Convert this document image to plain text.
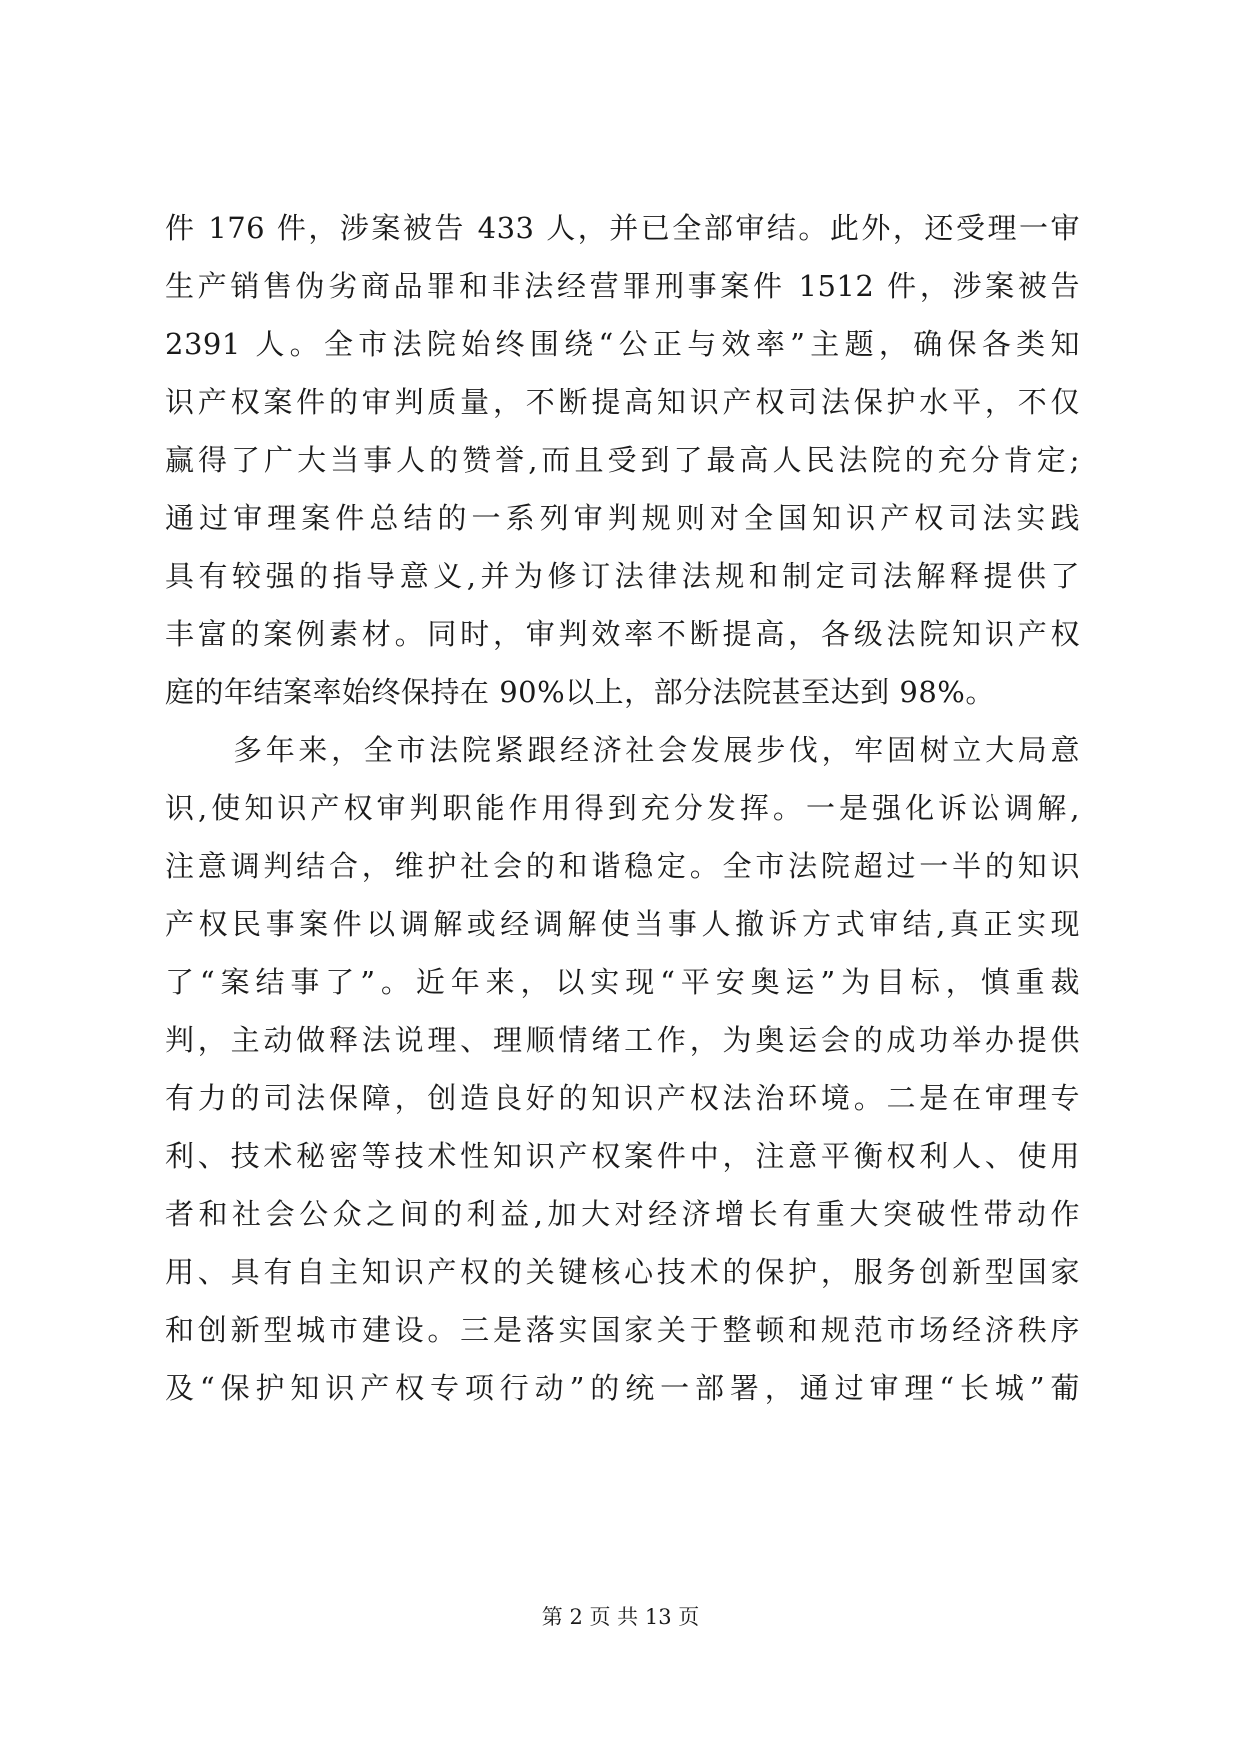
件 176 件，涉案被告 433 人，并已全部审结。此外，还受理一审
生产销售伪劣商品罪和非法经营罪刑事案件 1512 件，涉案被告
2391 人。全市法院始终围绕“公正与效率”主题，确保各类知
识产权案件的审判质量，不断提高知识产权司法保护水平，不仅
赢得了广大当事人的赞誉,而且受到了最高人民法院的充分肯定;
通过审理案件总结的一系列审判规则对全国知识产权司法实践
具有较强的指导意义,并为修订法律法规和制定司法解释提供了
丰富的案例素材。同时，审判效率不断提高，各级法院知识产权
庭的年结案率始终保持在 90%以上，部分法院甚至达到 98%。
多年来，全市法院紧跟经济社会发展步伐，牢固树立大局意
识,使知识产权审判职能作用得到充分发挥。一是强化诉讼调解,
注意调判结合，维护社会的和谐稳定。全市法院超过一半的知识
产权民事案件以调解或经调解使当事人撤诉方式审结,真正实现
了“案结事了”。近年来，以实现“平安奥运”为目标，慎重裁
判，主动做释法说理、理顺情绪工作，为奥运会的成功举办提供
有力的司法保障，创造良好的知识产权法治环境。二是在审理专
利、技术秘密等技术性知识产权案件中，注意平衡权利人、使用
者和社会公众之间的利益,加大对经济增长有重大突破性带动作
用、具有自主知识产权的关键核心技术的保护，服务创新型国家
和创新型城市建设。三是落实国家关于整顿和规范市场经济秩序
及“保护知识产权专项行动”的统一部署，通过审理“长城”葡
第 2 页 共 13 页
